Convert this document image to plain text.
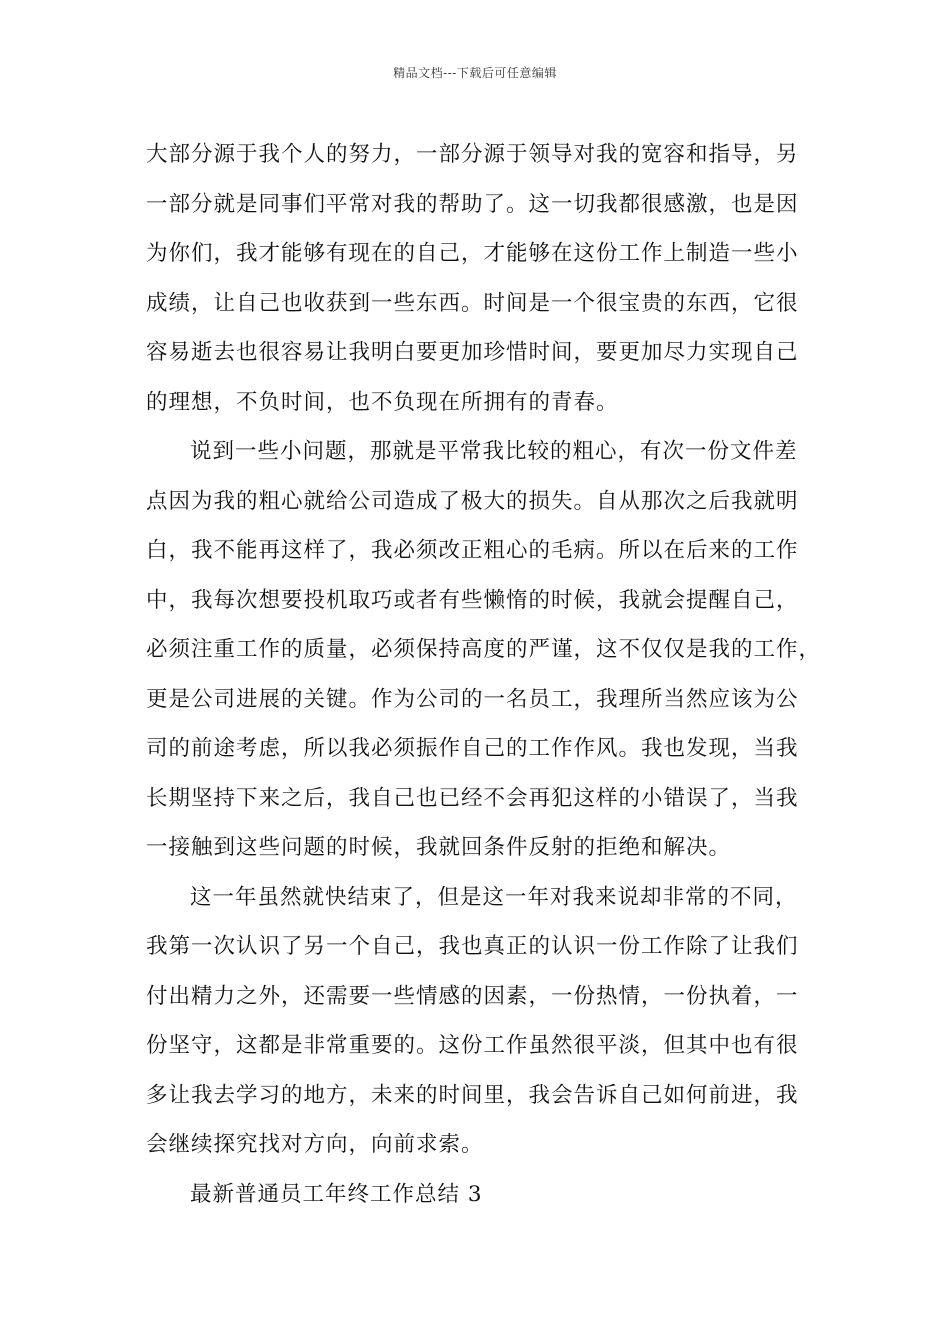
精品文档---下载后可任意编辑
大部分源于我个人的努力，一部分源于领导对我的宽容和指导，另
一部分就是同事们平常对我的帮助了。这一切我都很感激，也是因
为你们，我才能够有现在的自己，才能够在这份工作上制造一些小
成绩，让自己也收获到一些东西。时间是一个很宝贵的东西，它很
容易逝去也很容易让我明白要更加珍惜时间，要更加尽力实现自己
的理想，不负时间，也不负现在所拥有的青春。
说到一些小问题，那就是平常我比较的粗心，有次一份文件差
点因为我的粗心就给公司造成了极大的损失。自从那次之后我就明
白，我不能再这样了，我必须改正粗心的毛病。所以在后来的工作
中，我每次想要投机取巧或者有些懒惰的时候，我就会提醒自己，
必须注重工作的质量，必须保持高度的严谨，这不仅仅是我的工作，
更是公司进展的关键。作为公司的一名员工，我理所当然应该为公
司的前途考虑，所以我必须振作自己的工作作风。我也发现，当我
长期坚持下来之后，我自己也已经不会再犯这样的小错误了，当我
一接触到这些问题的时候，我就回条件反射的拒绝和解决。
这一年虽然就快结束了，但是这一年对我来说却非常的不同，
我第一次认识了另一个自己，我也真正的认识一份工作除了让我们
付出精力之外，还需要一些情感的因素，一份热情，一份执着，一
份坚守，这都是非常重要的。这份工作虽然很平淡，但其中也有很
多让我去学习的地方，未来的时间里，我会告诉自己如何前进，我
会继续探究找对方向，向前求索。
最新普通员工年终工作总结 3
